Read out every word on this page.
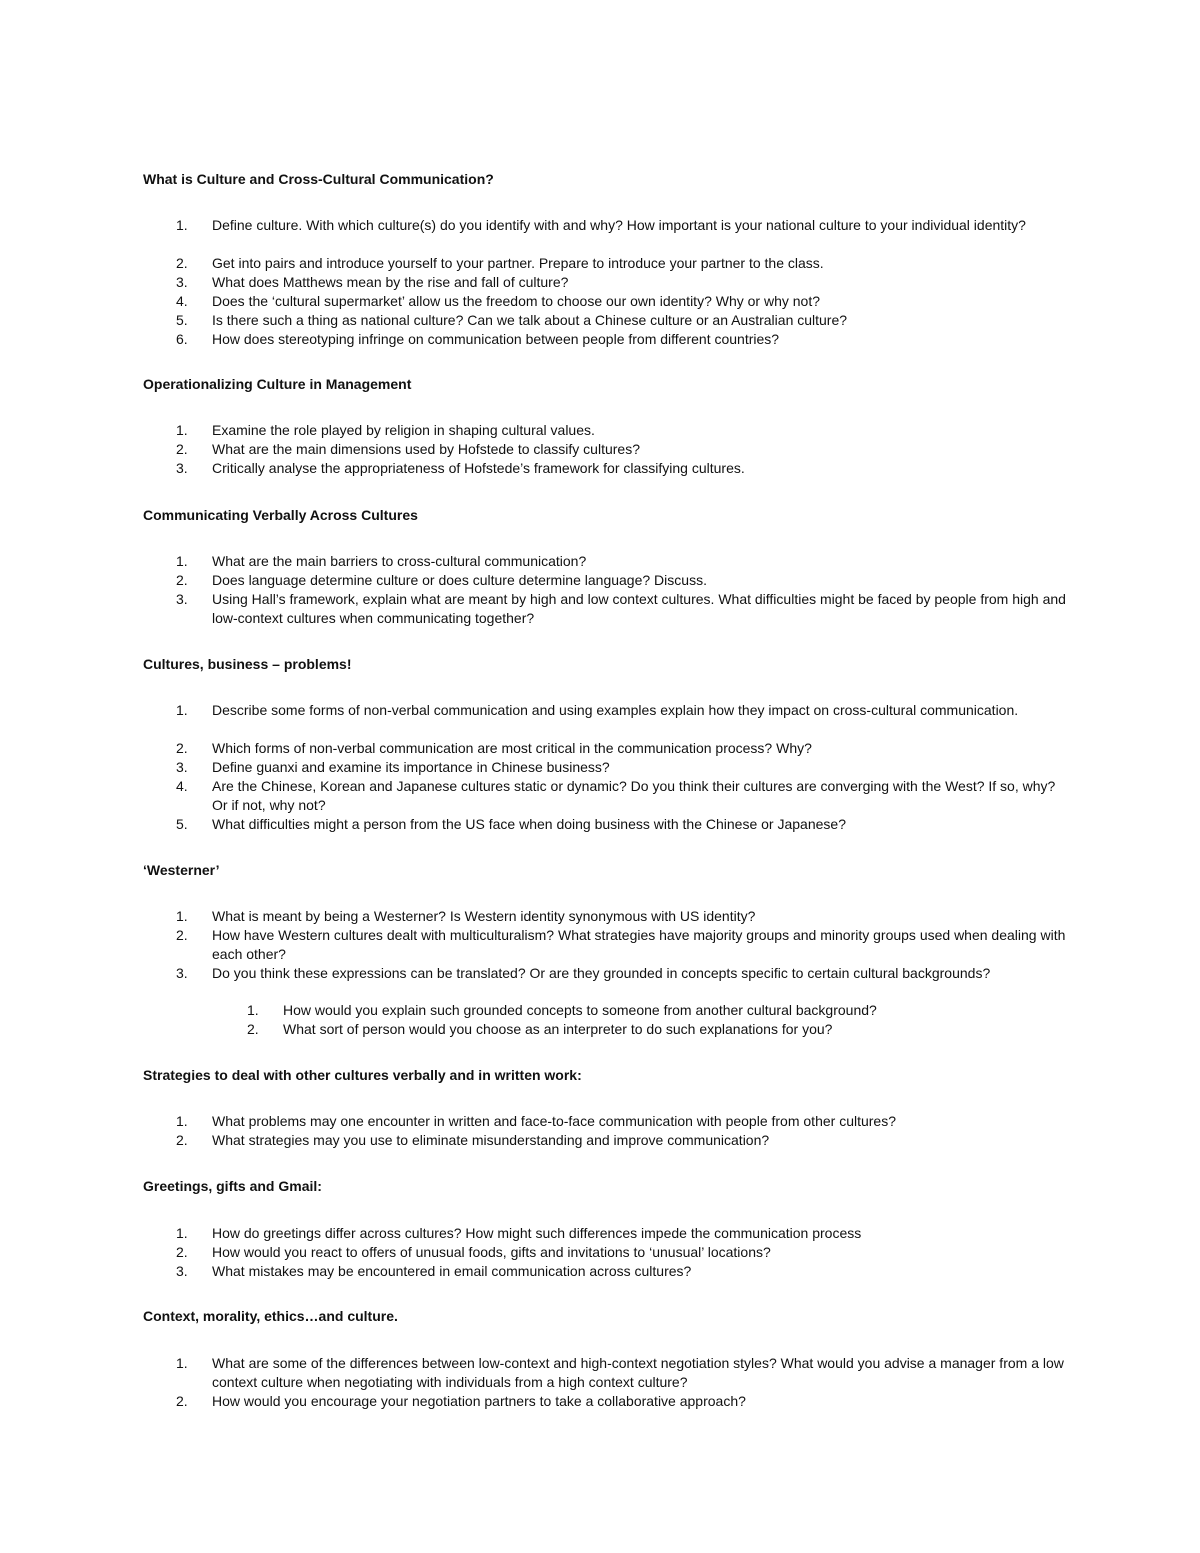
What is Culture and Cross-Cultural Communication?
1.	Define culture. With which culture(s) do you identify with and why? How important is your national culture to your individual identity?
2.	Get into pairs and introduce yourself to your partner. Prepare to introduce your partner to the class.
3.	What does Matthews mean by the rise and fall of culture?
4.	Does the ‘cultural supermarket’ allow us the freedom to choose our own identity? Why or why not?
5.	Is there such a thing as national culture? Can we talk about a Chinese culture or an Australian culture?
6.	How does stereotyping infringe on communication between people from different countries?
Operationalizing Culture in Management
1.	Examine the role played by religion in shaping cultural values.
2.	What are the main dimensions used by Hofstede to classify cultures?
3.	Critically analyse the appropriateness of Hofstede’s framework for classifying cultures.
Communicating Verbally Across Cultures
1.	What are the main barriers to cross-cultural communication?
2.	Does language determine culture or does culture determine language? Discuss.
3.	Using Hall’s framework, explain what are meant by high and low context cultures. What difficulties might be faced by people from high and low-context cultures when communicating together?
Cultures, business – problems!
1.	Describe some forms of non-verbal communication and using examples explain how they impact on cross-cultural communication.
2.	Which forms of non-verbal communication are most critical in the communication process? Why?
3.	Define guanxi and examine its importance in Chinese business?
4.	Are the Chinese, Korean and Japanese cultures static or dynamic? Do you think their cultures are converging with the West? If so, why? Or if not, why not?
5.	What difficulties might a person from the US face when doing business with the Chinese or Japanese?
‘Westerner’
1.	What is meant by being a Westerner? Is Western identity synonymous with US identity?
2.	How have Western cultures dealt with multiculturalism? What strategies have majority groups and minority groups used when dealing with each other?
3.	Do you think these expressions can be translated? Or are they grounded in concepts specific to certain cultural backgrounds?
1.	How would you explain such grounded concepts to someone from another cultural background?
2.	What sort of person would you choose as an interpreter to do such explanations for you?
Strategies to deal with other cultures verbally and in written work:
1.	What problems may one encounter in written and face-to-face communication with people from other cultures?
2.	What strategies may you use to eliminate misunderstanding and improve communication?
Greetings, gifts and Gmail:
1.	How do greetings differ across cultures? How might such differences impede the communication process
2.	How would you react to offers of unusual foods, gifts and invitations to ‘unusual’ locations?
3.	What mistakes may be encountered in email communication across cultures?
Context, morality, ethics…and culture.
1.	What are some of the differences between low-context and high-context negotiation styles? What would you advise a manager from a low context culture when negotiating with individuals from a high context culture?
2.	How would you encourage your negotiation partners to take a collaborative approach?
